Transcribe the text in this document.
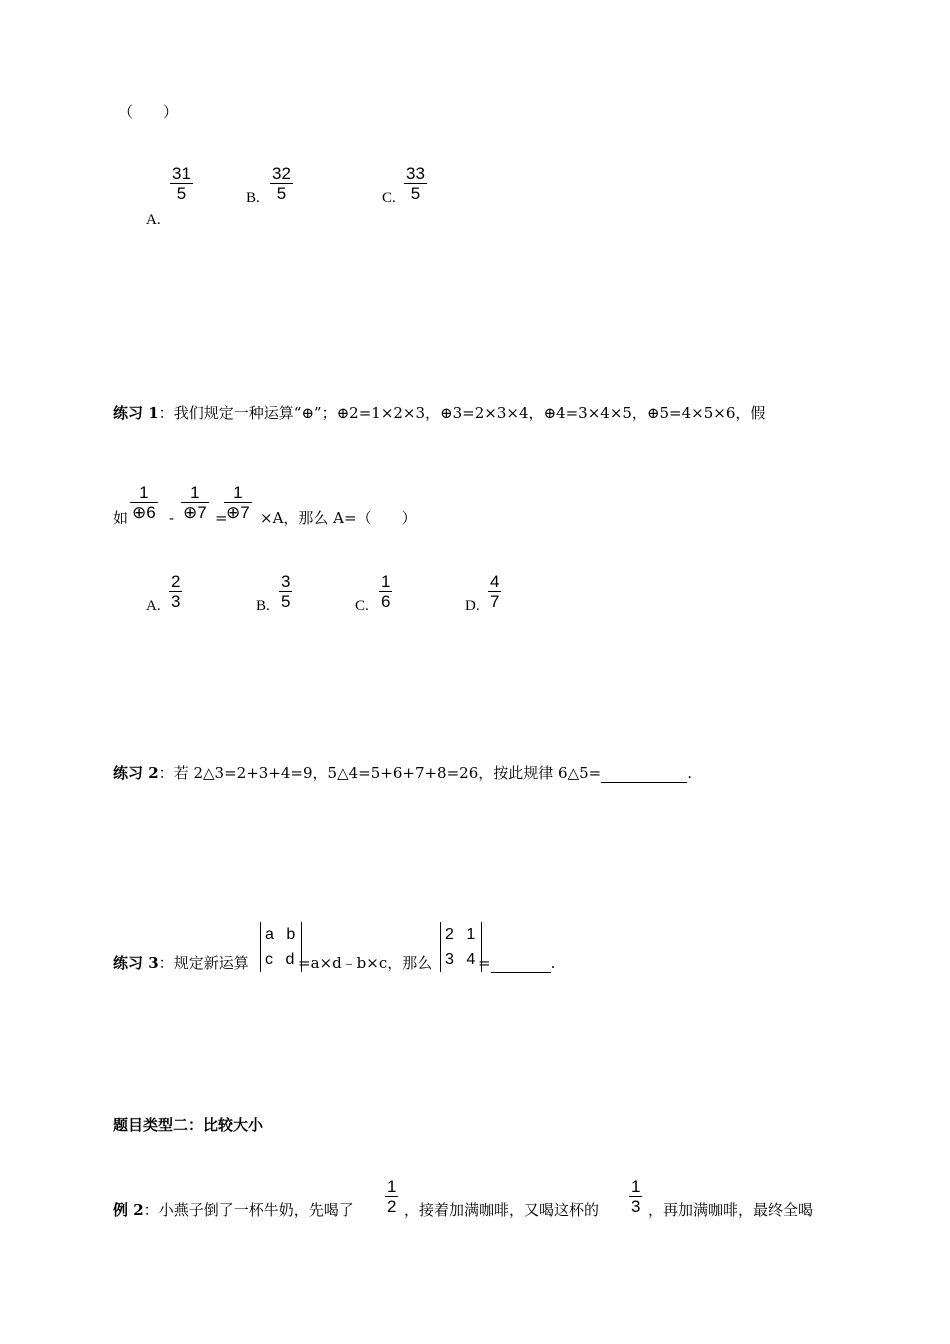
（　　）
$\frac{31}{5}$
A.
B. $\frac{32}{5}$	C. $\frac{33}{5}$
练习 1：我们规定一种运算“⊕”；⊕2=1×2×3，⊕3=2×3×4，⊕4=3×4×5，⊕5=4×5×6，假
如 $\frac{1}{\oplus 6} - \frac{1}{\oplus 7}$ =
$\frac{1}{\oplus 7} \times A$，那么 A=（　　）
A. $\frac{2}{3}$	B. $\frac{3}{5}$	C. $\frac{1}{6}$	D. $\frac{4}{7}$
练习 2：若 2△3=2+3+4=9，5△4=5+6+7+8=26，按此规律 6△5=	.
练习 3：规定新运算
a b
c d =a×d﹣b×c，那么
2 1
3 4
=	.
题目类型二：比较大小
例 2：小燕子倒了一杯牛奶，先喝了 $\frac{1}{2}$ ，接着加满咖啡，又喝这杯的 $\frac{1}{3}$ ，再加满咖啡，最终全喝
